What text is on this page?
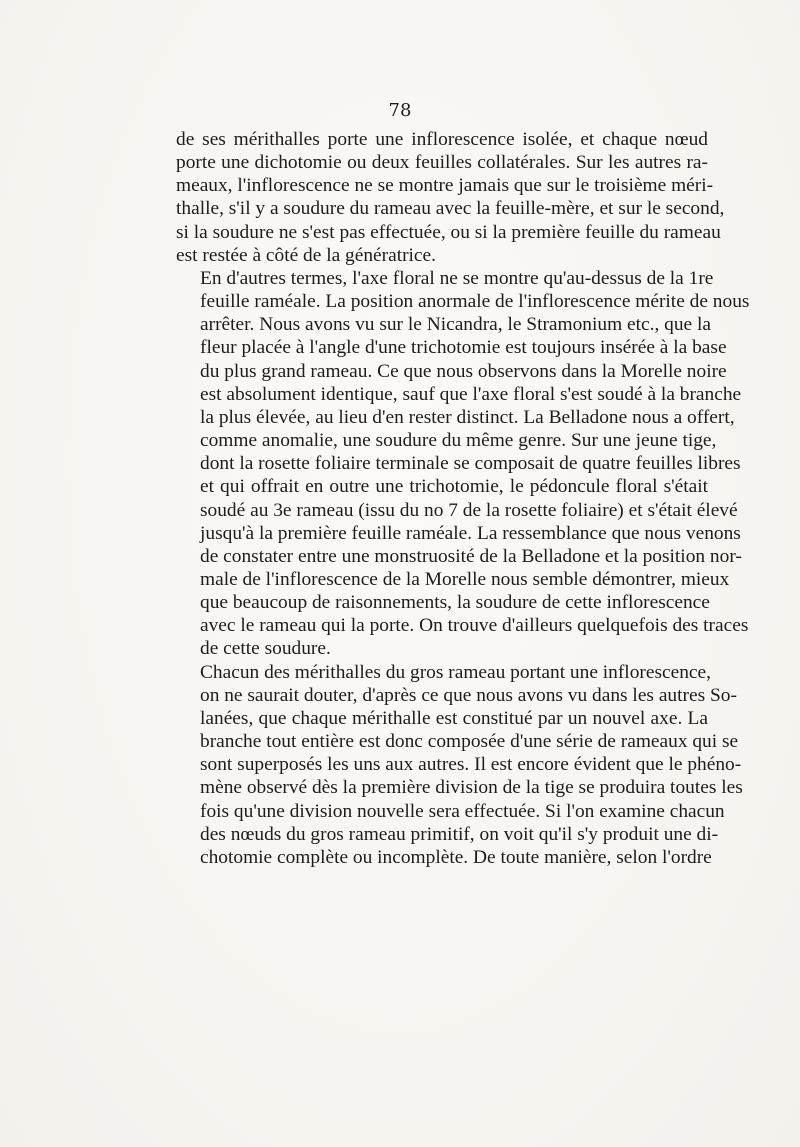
78

de ses mérithalles porte une inflorescence isolée, et chaque nœud
porte une dichotomie ou deux feuilles collatérales. Sur les autres ra-
meaux, l'inflorescence ne se montre jamais que sur le troisième méri-
thalle, s'il y a soudure du rameau avec la feuille-mère, et sur le second,
si la soudure ne s'est pas effectuée, ou si la première feuille du rameau
est restée à côté de la génératrice.

En d'autres termes, l'axe floral ne se montre qu'au-dessus de la 1re
feuille raméale. La position anormale de l'inflorescence mérite de nous
arrêter. Nous avons vu sur le Nicandra, le Stramonium etc., que la
fleur placée à l'angle d'une trichotomie est toujours insérée à la base
du plus grand rameau. Ce que nous observons dans la Morelle noire
est absolument identique, sauf que l'axe floral s'est soudé à la branche
la plus élevée, au lieu d'en rester distinct. La Belladone nous a offert,
comme anomalie, une soudure du même genre. Sur une jeune tige,
dont la rosette foliaire terminale se composait de quatre feuilles libres
et qui offrait en outre une trichotomie, le pédoncule floral s'était
soudé au 3e rameau (issu du no 7 de la rosette foliaire) et s'était élevé
jusqu'à la première feuille raméale. La ressemblance que nous venons
de constater entre une monstruosité de la Belladone et la position nor-
male de l'inflorescence de la Morelle nous semble démontrer, mieux
que beaucoup de raisonnements, la soudure de cette inflorescence
avec le rameau qui la porte. On trouve d'ailleurs quelquefois des traces
de cette soudure.

Chacun des mérithalles du gros rameau portant une inflorescence,
on ne saurait douter, d'après ce que nous avons vu dans les autres So-
lanées, que chaque mérithalle est constitué par un nouvel axe. La
branche tout entière est donc composée d'une série de rameaux qui se
sont superposés les uns aux autres. Il est encore évident que le phéno-
mène observé dès la première division de la tige se produira toutes les
fois qu'une division nouvelle sera effectuée. Si l'on examine chacun
des nœuds du gros rameau primitif, on voit qu'il s'y produit une di-
chotomie complète ou incomplète. De toute manière, selon l'ordre
